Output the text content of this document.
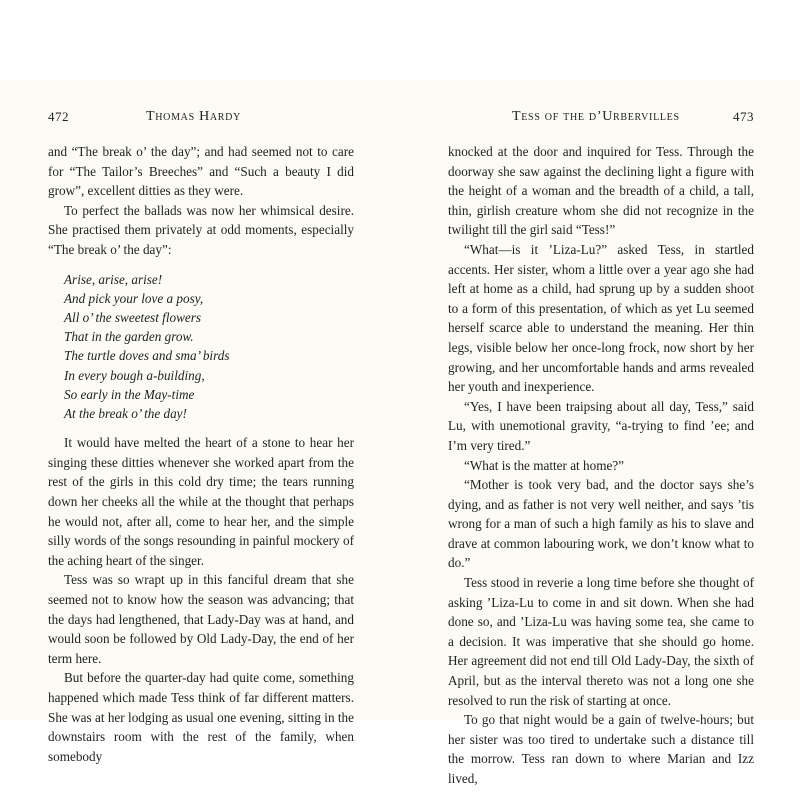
472	Thomas Hardy

and “The break o’ the day”; and had seemed not to care for “The Tailor’s Breeches” and “Such a beauty I did grow”, excellent ditties as they were.

To perfect the ballads was now her whimsical desire. She practised them privately at odd moments, especially “The break o’ the day”:

Arise, arise, arise!
And pick your love a posy,
All o’ the sweetest flowers
That in the garden grow.
The turtle doves and sma’ birds
In every bough a-building,
So early in the May-time
At the break o’ the day!

It would have melted the heart of a stone to hear her singing these ditties whenever she worked apart from the rest of the girls in this cold dry time; the tears running down her cheeks all the while at the thought that perhaps he would not, after all, come to hear her, and the simple silly words of the songs resounding in painful mockery of the aching heart of the singer.

Tess was so wrapt up in this fanciful dream that she seemed not to know how the season was advancing; that the days had lengthened, that Lady-Day was at hand, and would soon be followed by Old Lady-Day, the end of her term here.

But before the quarter-day had quite come, something happened which made Tess think of far different matters. She was at her lodging as usual one evening, sitting in the downstairs room with the rest of the family, when somebody

Tess of the d’Urbervilles	473

knocked at the door and inquired for Tess. Through the doorway she saw against the declining light a figure with the height of a woman and the breadth of a child, a tall, thin, girlish creature whom she did not recognize in the twilight till the girl said “Tess!”

“What—is it ’Liza-Lu?” asked Tess, in startled accents. Her sister, whom a little over a year ago she had left at home as a child, had sprung up by a sudden shoot to a form of this presentation, of which as yet Lu seemed herself scarce able to understand the meaning. Her thin legs, visible below her once-long frock, now short by her growing, and her uncomfortable hands and arms revealed her youth and inexperience.

“Yes, I have been traipsing about all day, Tess,” said Lu, with unemotional gravity, “a-trying to find ’ee; and I’m very tired.”

“What is the matter at home?”

“Mother is took very bad, and the doctor says she’s dying, and as father is not very well neither, and says ’tis wrong for a man of such a high family as his to slave and drave at common labouring work, we don’t know what to do.”

Tess stood in reverie a long time before she thought of asking ’Liza-Lu to come in and sit down. When she had done so, and ’Liza-Lu was having some tea, she came to a decision. It was imperative that she should go home. Her agreement did not end till Old Lady-Day, the sixth of April, but as the interval thereto was not a long one she resolved to run the risk of starting at once.

To go that night would be a gain of twelve-hours; but her sister was too tired to undertake such a distance till the morrow. Tess ran down to where Marian and Izz lived,
